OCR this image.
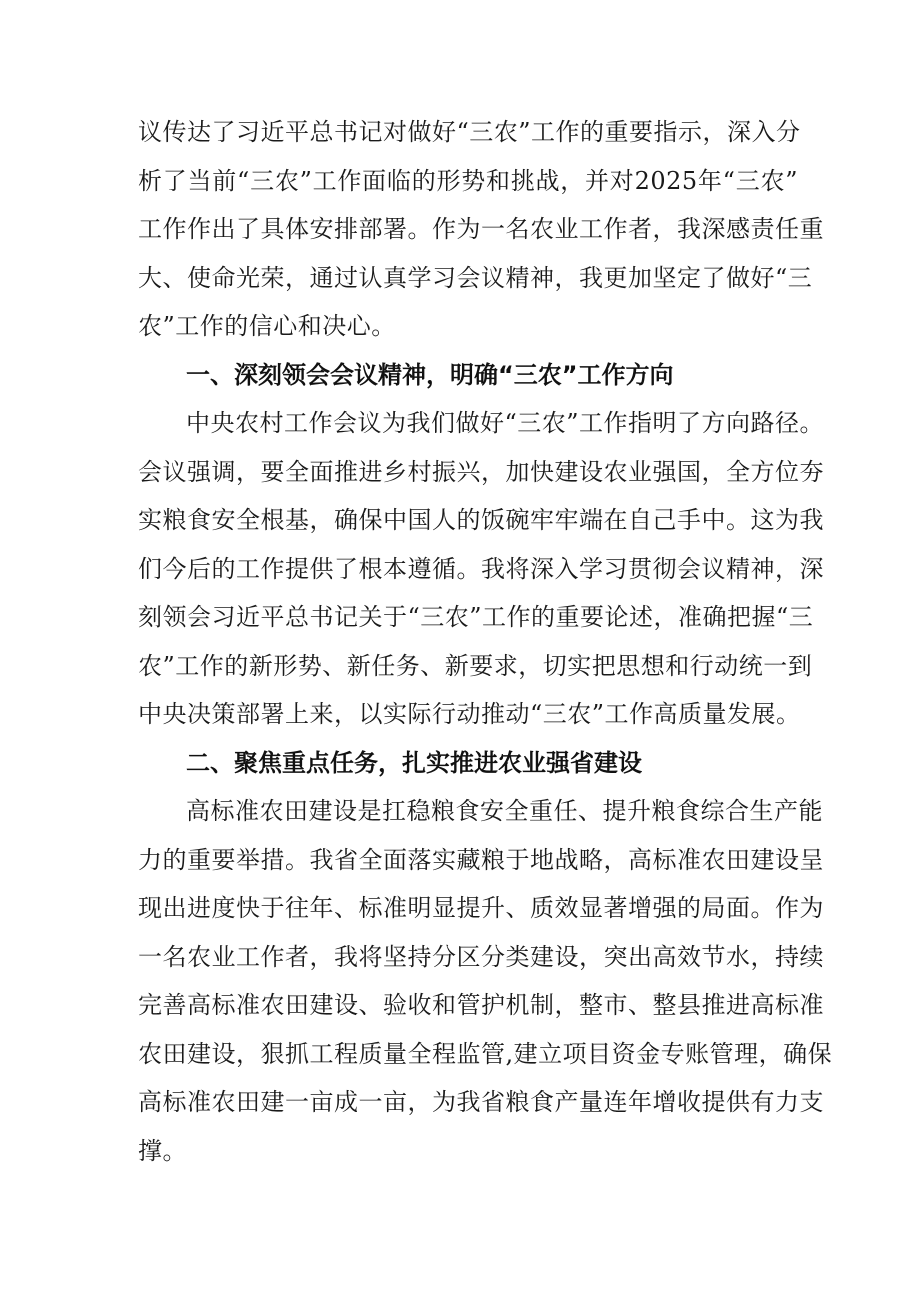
议传达了习近平总书记对做好“三农”工作的重要指示，深入分
析了当前“三农”工作面临的形势和挑战，并对2025年“三农”
工作作出了具体安排部署。作为一名农业工作者，我深感责任重
大、使命光荣，通过认真学习会议精神，我更加坚定了做好“三
农”工作的信心和决心。
一、深刻领会会议精神，明确“三农”工作方向
中央农村工作会议为我们做好“三农”工作指明了方向路径。
会议强调，要全面推进乡村振兴，加快建设农业强国，全方位夯
实粮食安全根基，确保中国人的饭碗牢牢端在自己手中。这为我
们今后的工作提供了根本遵循。我将深入学习贯彻会议精神，深
刻领会习近平总书记关于“三农”工作的重要论述，准确把握“三
农”工作的新形势、新任务、新要求，切实把思想和行动统一到
中央决策部署上来，以实际行动推动“三农”工作高质量发展。
二、聚焦重点任务，扎实推进农业强省建设
高标准农田建设是扛稳粮食安全重任、提升粮食综合生产能
力的重要举措。我省全面落实藏粮于地战略，高标准农田建设呈
现出进度快于往年、标准明显提升、质效显著增强的局面。作为
一名农业工作者，我将坚持分区分类建设，突出高效节水，持续
完善高标准农田建设、验收和管护机制，整市、整县推进高标准
农田建设，狠抓工程质量全程监管,建立项目资金专账管理，确保
高标准农田建一亩成一亩，为我省粮食产量连年增收提供有力支
撑。
